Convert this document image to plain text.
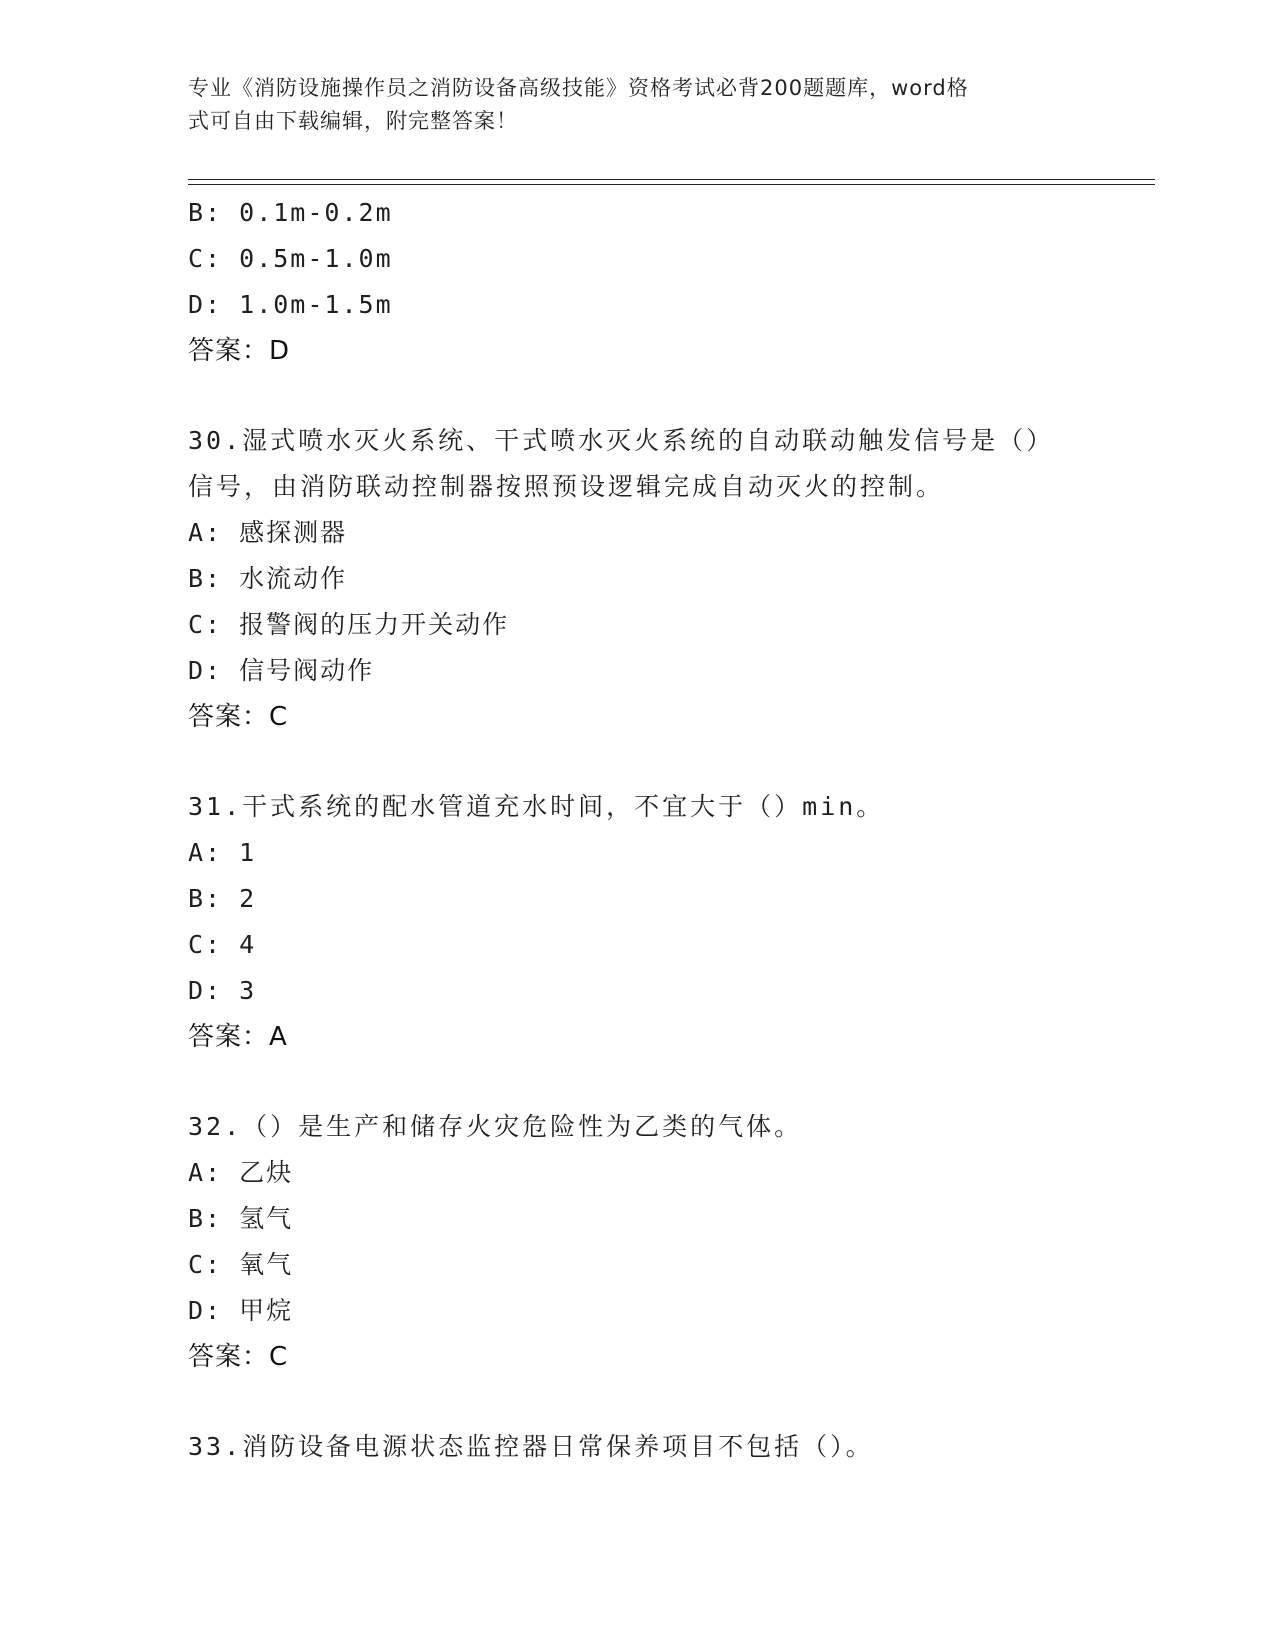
专业《消防设施操作员之消防设备高级技能》资格考试必背200题题库，word格
式可自由下载编辑，附完整答案！
B: 0.1m-0.2m
C: 0.5m-1.0m
D: 1.0m-1.5m
答案：D
30.湿式喷水灭火系统、干式喷水灭火系统的自动联动触发信号是（）
信号，由消防联动控制器按照预设逻辑完成自动灭火的控制。
A: 感探测器
B: 水流动作
C: 报警阀的压力开关动作
D: 信号阀动作
答案：C
31.干式系统的配水管道充水时间，不宜大于（）min。
A: 1
B: 2
C: 4
D: 3
答案：A
32.（）是生产和储存火灾危险性为乙类的气体。
A: 乙炔
B: 氢气
C: 氧气
D: 甲烷
答案：C
33.消防设备电源状态监控器日常保养项目不包括（）。
